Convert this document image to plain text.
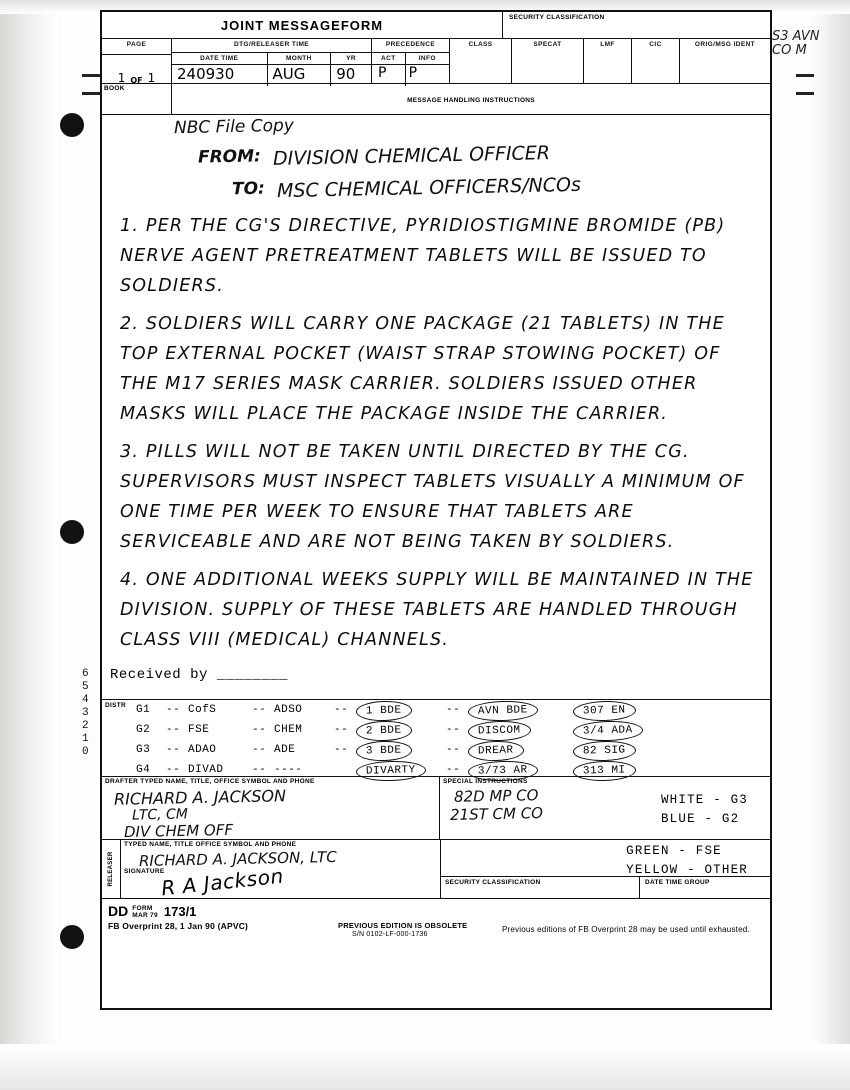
S3 AVN CO M
JOINT MESSAGEFORM	SECURITY CLASSIFICATION
PAGE
1 OF 1
DTG/RELEASER TIME
DATE TIME	MONTH	YR
240930	AUG	90
PRECEDENCE
ACT	INFO
P	P
CLASS	SPECAT	LMF	CIC	ORIG/MSG IDENT
BOOK
MESSAGE HANDLING INSTRUCTIONS
NBC File Copy
FROM: DIVISION CHEMICAL OFFICER
TO: MSC CHEMICAL OFFICERS/NCOs
1. PER THE CG'S DIRECTIVE, PYRIDIOSTIGMINE BROMIDE (PB) NERVE AGENT PRETREATMENT TABLETS WILL BE ISSUED TO SOLDIERS.
2. SOLDIERS WILL CARRY ONE PACKAGE (21 TABLETS) IN THE TOP EXTERNAL POCKET (WAIST STRAP STOWING POCKET) OF THE M17 SERIES MASK CARRIER. SOLDIERS ISSUED OTHER MASKS WILL PLACE THE PACKAGE INSIDE THE CARRIER.
3. PILLS WILL NOT BE TAKEN UNTIL DIRECTED BY THE CG. SUPERVISORS MUST INSPECT TABLETS VISUALLY A MINIMUM OF ONE TIME PER WEEK TO ENSURE THAT TABLETS ARE SERVICEABLE AND ARE NOT BEING TAKEN BY SOLDIERS.
4. ONE ADDITIONAL WEEKS SUPPLY WILL BE MAINTAINED IN THE DIVISION. SUPPLY OF THESE TABLETS ARE HANDLED THROUGH CLASS VIII (MEDICAL) CHANNELS.
Received by ________
DISTR G1	-- CofS	-- ADSO	--	1 BDE	--	AVN BDE	307 EN
G2	-- FSE	-- CHEM	--	2 BDE	--	DISCOM	3/4 ADA
G3	-- ADAO	-- ADE	--	3 BDE	--	DREAR	82 SIG
G4	-- DIVAD	-- ----	DIVARTY	--	3/73 AR	313 MI
DRAFTER TYPED NAME, TITLE, OFFICE SYMBOL AND PHONE
RICHARD A. JACKSON
LTC, CM
DIV CHEM OFF
SPECIAL INSTRUCTIONS
82D MP CO
21ST CM CO
WHITE - G3
BLUE - G2
RELEASER
TYPED NAME, TITLE OFFICE SYMBOL AND PHONE
RICHARD A. JACKSON, LTC
SIGNATURE
R A Jackson
GREEN - FSE
YELLOW - OTHER
SECURITY CLASSIFICATION	DATE TIME GROUP
DD FORM
MAR 79 173/1
FB Overprint 28, 1 Jan 90 (APVC)	PREVIOUS EDITION IS OBSOLETE
S/N 0102-LF-000-1736
Previous editions of FB Overprint 28 may be used until exhausted.
6
5
4
3
2
1
0
